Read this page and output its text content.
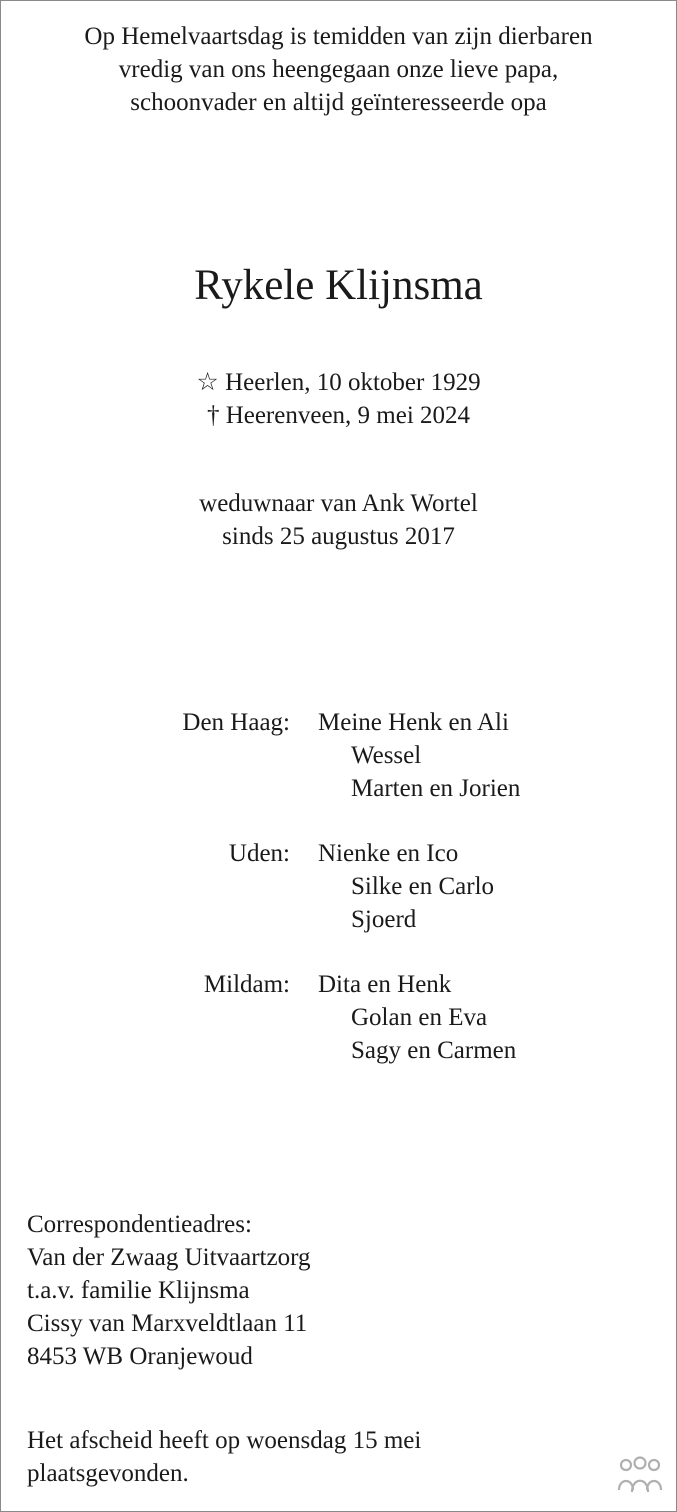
Op Hemelvaartsdag is temidden van zijn dierbaren
vredig van ons heengegaan onze lieve papa,
schoonvader en altijd geïnteresseerde opa
Rykele Klijnsma
☆ Heerlen, 10 oktober 1929
† Heerenveen, 9 mei 2024
weduwnaar van Ank Wortel
sinds 25 augustus 2017
Den Haag: Meine Henk en Ali
Wessel
Marten en Jorien
Uden: Nienke en Ico
Silke en Carlo
Sjoerd
Mildam: Dita en Henk
Golan en Eva
Sagy en Carmen
Correspondentieadres:
Van der Zwaag Uitvaartzorg
t.a.v. familie Klijnsma
Cissy van Marxveldtlaan 11
8453 WB Oranjewoud
Het afscheid heeft op woensdag 15 mei
plaatsgevonden.
